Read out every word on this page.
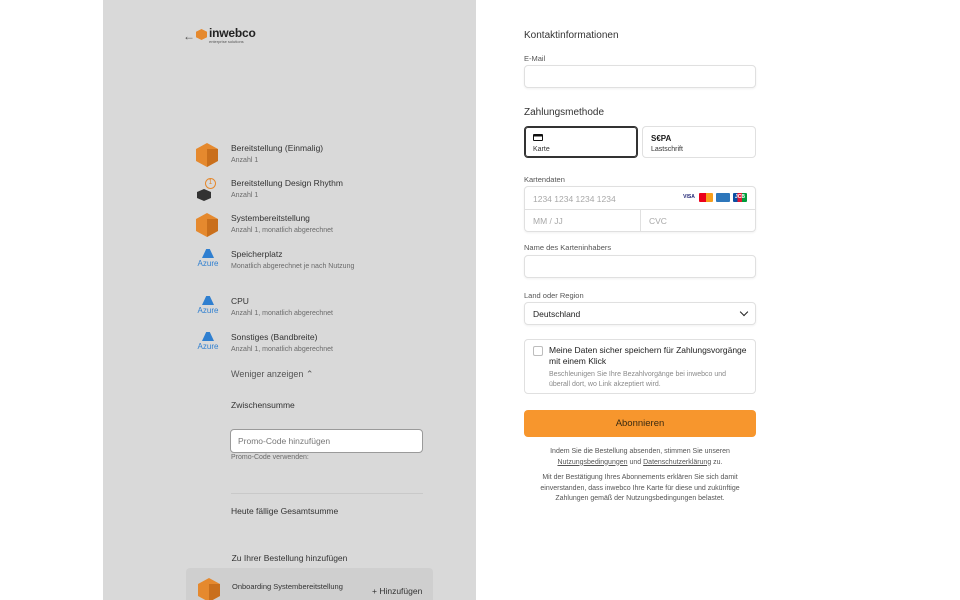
← inwebco
enterprise solutions
Bereitstellung (Einmalig)
Anzahl 1
1	Bereitstellung Design Rhythm
Anzahl 1
Systembereitstellung
Anzahl 1, monatlich abgerechnet
Azure
Speicherplatz
Monatlich abgerechnet je nach Nutzung
Azure
CPU
Anzahl 1, monatlich abgerechnet
Azure
Sonstiges (Bandbreite)
Anzahl 1, monatlich abgerechnet
Weniger anzeigen ⌃
Zwischensumme
Promo-Code hinzufügen
Promo-Code verwenden:
Heute fällige Gesamtsumme
Zu Ihrer Bestellung hinzufügen
Onboarding Systembereitstellung	+ Hinzufügen
Kontaktinformationen
E-Mail
Zahlungsmethode
Karte
S€PA
Lastschrift
Kartendaten
1234 1234 1234 1234	VISA	JCB
MM / JJ	CVC
Name des Karteninhabers
Land oder Region
Deutschland
Meine Daten sicher speichern für Zahlungsvorgänge mit einem Klick
Beschleunigen Sie Ihre Bezahlvorgänge bei inwebco und überall dort, wo Link akzeptiert wird.
Abonnieren
Indem Sie die Bestellung absenden, stimmen Sie unseren Nutzungsbedingungen und Datenschutzerklärung zu.
Mit der Bestätigung Ihres Abonnements erklären Sie sich damit einverstanden, dass inwebco Ihre Karte für diese und zukünftige Zahlungen gemäß der Nutzungsbedingungen belastet.
